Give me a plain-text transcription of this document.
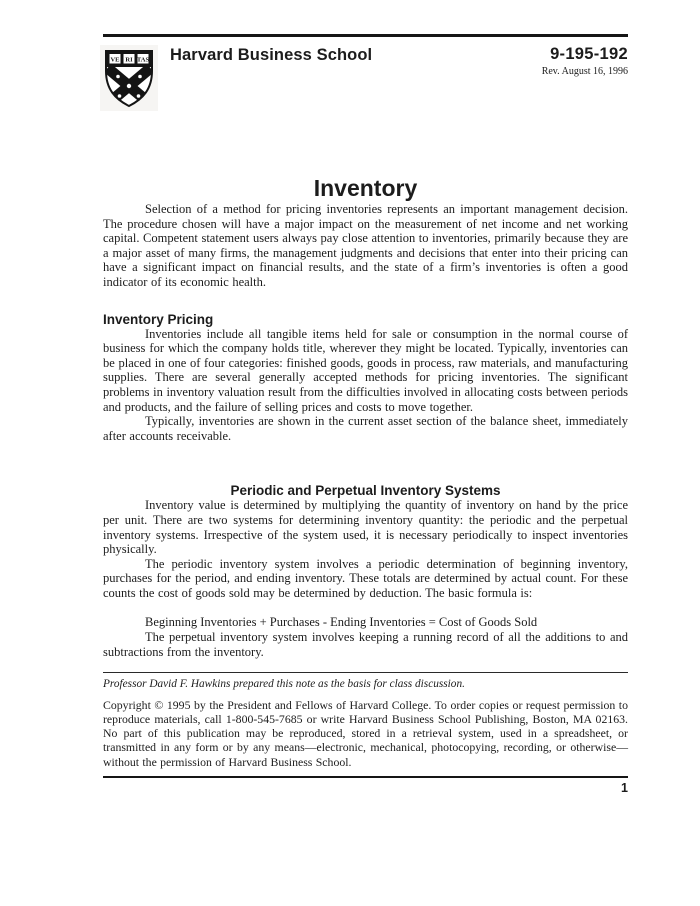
VE RI TAS Harvard Business School	9-195-192
Rev. August 16, 1996
Inventory

Selection of a method for pricing inventories represents an important management decision. The procedure chosen will have a major impact on the measurement of net income and net working capital. Competent statement users always pay close attention to inventories, primarily because they are a major asset of many firms, the management judgments and decisions that enter into their pricing can have a significant impact on financial results, and the state of a firm’s inventories is often a good indicator of its economic health.

Inventory Pricing

Inventories include all tangible items held for sale or consumption in the normal course of business for which the company holds title, wherever they might be located. Typically, inventories can be placed in one of four categories: finished goods, goods in process, raw materials, and manufacturing supplies. There are several generally accepted methods for pricing inventories. The significant problems in inventory valuation result from the difficulties involved in allocating costs between periods and products, and the failure of selling prices and costs to move together.

Typically, inventories are shown in the current asset section of the balance sheet, immediately after accounts receivable.

Periodic and Perpetual Inventory Systems

Inventory value is determined by multiplying the quantity of inventory on hand by the price per unit. There are two systems for determining inventory quantity: the periodic and the perpetual inventory systems. Irrespective of the system used, it is necessary periodically to inspect inventories physically.

The periodic inventory system involves a periodic determination of beginning inventory, purchases for the period, and ending inventory. These totals are determined by actual count. For these counts the cost of goods sold may be determined by deduction. The basic formula is:

Beginning Inventories + Purchases - Ending Inventories = Cost of Goods Sold

The perpetual inventory system involves keeping a running record of all the additions to and subtractions from the inventory.

Professor David F. Hawkins prepared this note as the basis for class discussion.

Copyright © 1995 by the President and Fellows of Harvard College. To order copies or request permission to reproduce materials, call 1-800-545-7685 or write Harvard Business School Publishing, Boston, MA 02163. No part of this publication may be reproduced, stored in a retrieval system, used in a spreadsheet, or transmitted in any form or by any means—electronic, mechanical, photocopying, recording, or otherwise—without the permission of Harvard Business School.

1
